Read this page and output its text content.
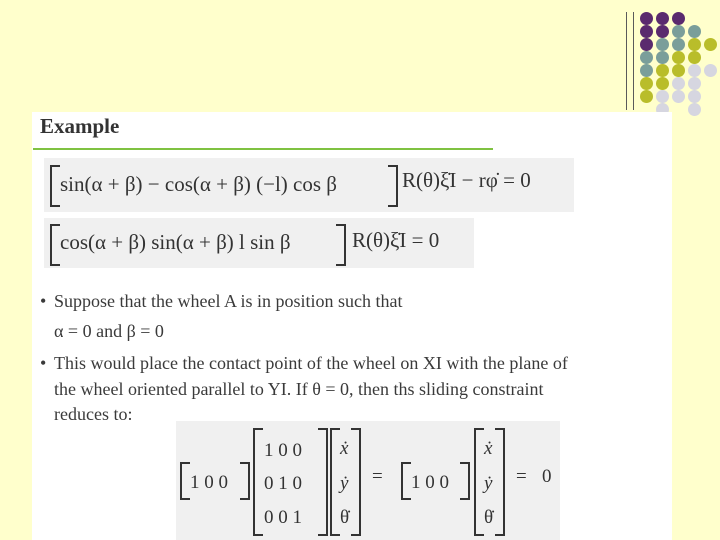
Example
sin(α + β) − cos(α + β) (−l) cos β	R(θ)ξ̇I − rφ̇ = 0
cos(α + β) sin(α + β) l sin β	R(θ)ξ̇I = 0
• Suppose that the wheel A is in position such that
α = 0 and β = 0
• This would place the contact point of the wheel on XI with the plane of
the wheel oriented parallel to YI. If θ = 0, then ths sliding constraint
reduces to:
1 0 0
1 0 0
0 1 0
0 0 1
ẋ
ẏ
θ̇
= 1 0 0
ẋ
ẏ
θ̇
= 0
